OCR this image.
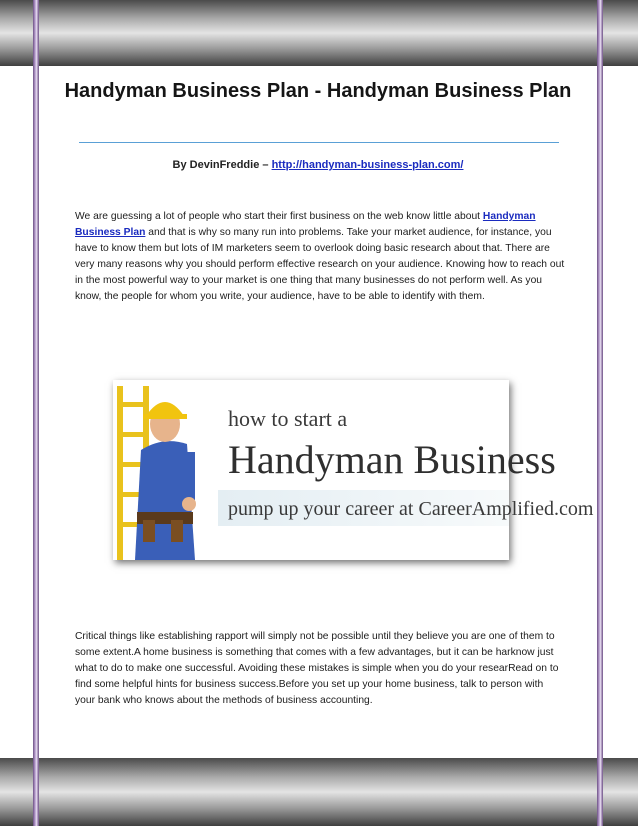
Handyman Business Plan - Handyman Business Plan
By DevinFreddie – http://handyman-business-plan.com/
We are guessing a lot of people who start their first business on the web know little about Handyman Business Plan and that is why so many run into problems. Take your market audience, for instance, you have to know them but lots of IM marketers seem to overlook doing basic research about that. There are very many reasons why you should perform effective research on your audience. Knowing how to reach out in the most powerful way to your market is one thing that many businesses do not perform well. As you know, the people for whom you write, your audience, have to be able to identify with them.
how to start a
Handyman Business
pump up your career at CareerAmplified.com
Critical things like establishing rapport will simply not be possible until they believe you are one of them to some extent.A home business is something that comes with a few advantages, but it can be harknow just what to do to make one successful. Avoiding these mistakes is simple when you do your researRead on to find some helpful hints for business success.Before you set up your home business, talk to person with your bank who knows about the methods of business accounting.
